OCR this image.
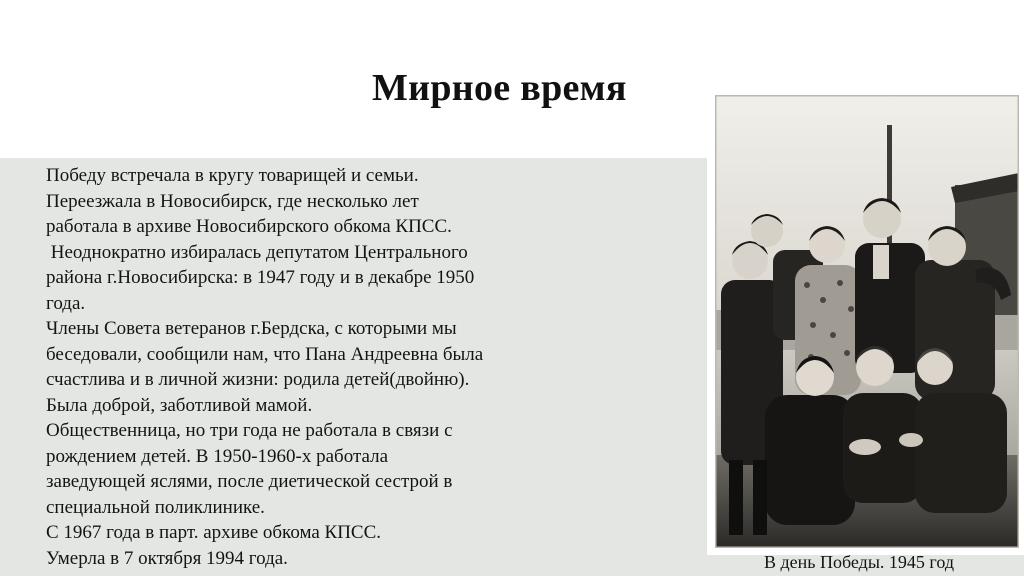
Мирное время
Победу встречала в кругу товарищей и семьи.
Переезжала в Новосибирск, где несколько лет
работала в архиве Новосибирского обкома КПСС.
Неоднократно избиралась депутатом Центрального
района г.Новосибирска: в 1947 году и в декабре 1950
года.
Члены Совета ветеранов г.Бердска, с которыми мы
беседовали, сообщили нам, что Пана Андреевна была
счастлива и в личной жизни: родила детей(двойню).
Была доброй, заботливой мамой.
Общественница, но три года не работала в связи с
рождением детей. В 1950-1960-х работала
заведующей яслями, после диетической сестрой в
специальной поликлинике.
С 1967 года в парт. архиве обкома КПСС.
Умерла в 7 октября 1994 года.	В день Победы. 1945 год
